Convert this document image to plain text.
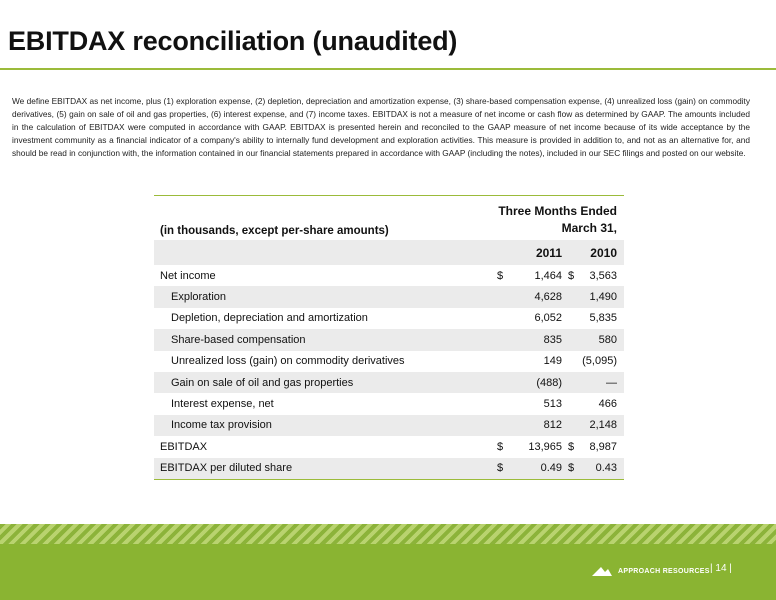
EBITDAX reconciliation (unaudited)

We define EBITDAX as net income, plus (1) exploration expense, (2) depletion, depreciation and amortization expense, (3) share-based compensation expense, (4) unrealized loss (gain) on commodity derivatives, (5) gain on sale of oil and gas properties, (6) interest expense, and (7) income taxes. EBITDAX is not a measure of net income or cash flow as determined by GAAP. The amounts included in the calculation of EBITDAX were computed in accordance with GAAP. EBITDAX is presented herein and reconciled to the GAAP measure of net income because of its wide acceptance by the investment community as a financial indicator of a company's ability to internally fund development and exploration activities. This measure is provided in addition to, and not as an alternative for, and should be read in conjunction with, the information contained in our financial statements prepared in accordance with GAAP (including the notes), included in our SEC filings and posted on our website.

(in thousands, except per-share amounts)	Three Months Ended
March 31,			

		2011		2010
Net income	$	1,464	$	3,563
Exploration		4,628		1,490
Depletion, depreciation and amortization		6,052		5,835
Share-based compensation		835		580
Unrealized loss (gain) on commodity derivatives		149		(5,095)
Gain on sale of oil and gas properties		(488)		—
Interest expense, net		513		466
Income tax provision		812		2,148
EBITDAX	$	13,965	$	8,987
EBITDAX per diluted share	$	0.49	$	0.43
APPROACH RESOURCES | 14 |
